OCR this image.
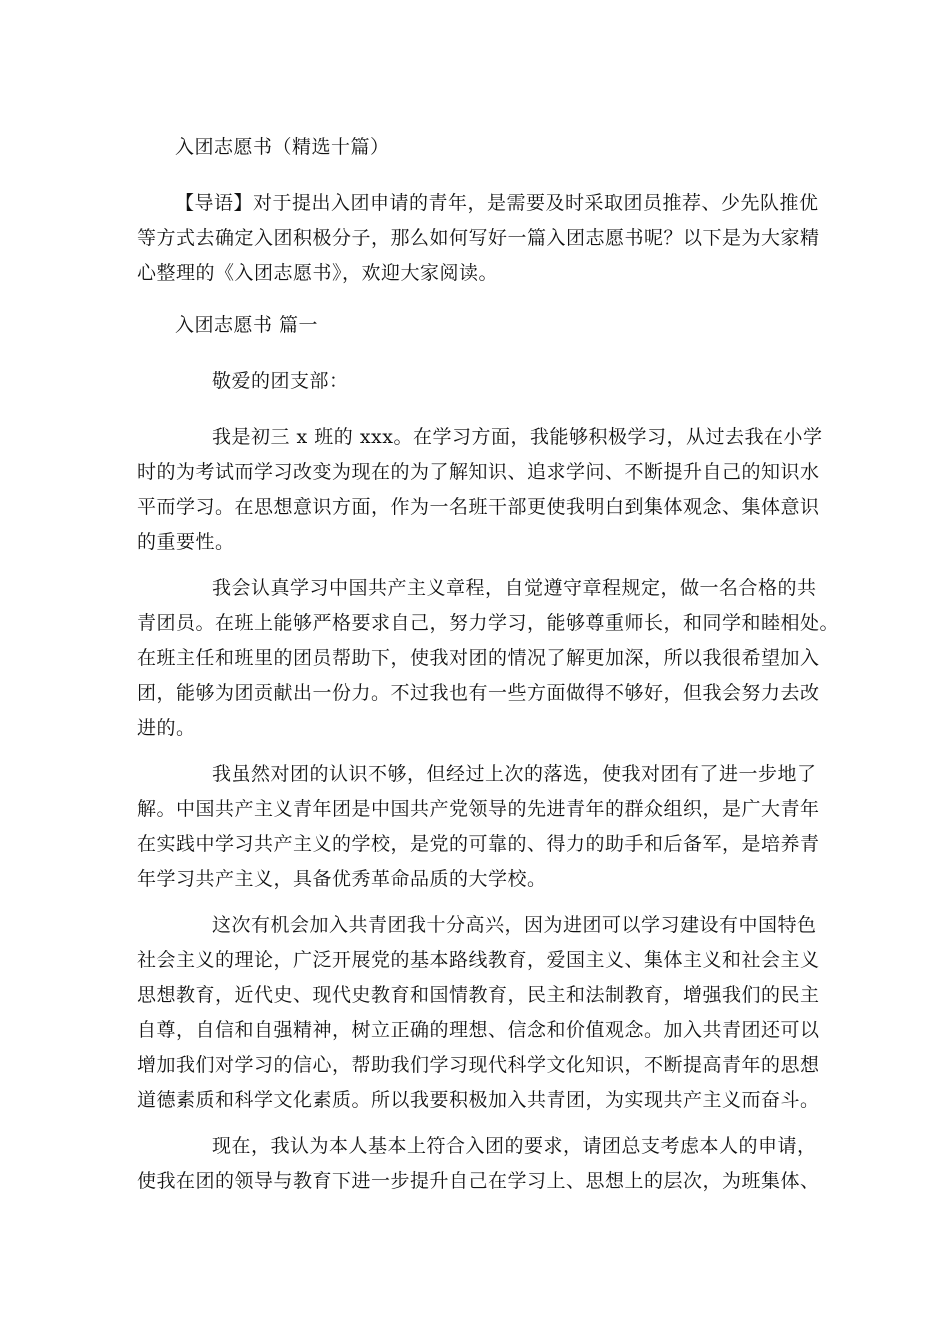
入团志愿书（精选十篇）
【导语】对于提出入团申请的青年，是需要及时采取团员推荐、少先队推优
等方式去确定入团积极分子，那么如何写好一篇入团志愿书呢？以下是为大家精
心整理的《入团志愿书》，欢迎大家阅读。
入团志愿书 篇一
敬爱的团支部：
我是初三 x 班的 xxx。在学习方面，我能够积极学习，从过去我在小学
时的为考试而学习改变为现在的为了解知识、追求学问、不断提升自己的知识水
平而学习。在思想意识方面，作为一名班干部更使我明白到集体观念、集体意识
的重要性。
我会认真学习中国共产主义章程，自觉遵守章程规定，做一名合格的共
青团员。在班上能够严格要求自己，努力学习，能够尊重师长，和同学和睦相处。
在班主任和班里的团员帮助下，使我对团的情况了解更加深，所以我很希望加入
团，能够为团贡献出一份力。不过我也有一些方面做得不够好，但我会努力去改
进的。
我虽然对团的认识不够，但经过上次的落选，使我对团有了进一步地了
解。中国共产主义青年团是中国共产党领导的先进青年的群众组织，是广大青年
在实践中学习共产主义的学校，是党的可靠的、得力的助手和后备军，是培养青
年学习共产主义，具备优秀革命品质的大学校。
这次有机会加入共青团我十分高兴，因为进团可以学习建设有中国特色
社会主义的理论，广泛开展党的基本路线教育，爱国主义、集体主义和社会主义
思想教育，近代史、现代史教育和国情教育，民主和法制教育，增强我们的民主
自尊，自信和自强精神，树立正确的理想、信念和价值观念。加入共青团还可以
增加我们对学习的信心，帮助我们学习现代科学文化知识，不断提高青年的思想
道德素质和科学文化素质。所以我要积极加入共青团，为实现共产主义而奋斗。
现在，我认为本人基本上符合入团的要求，请团总支考虑本人的申请，
使我在团的领导与教育下进一步提升自己在学习上、思想上的层次，为班集体、
